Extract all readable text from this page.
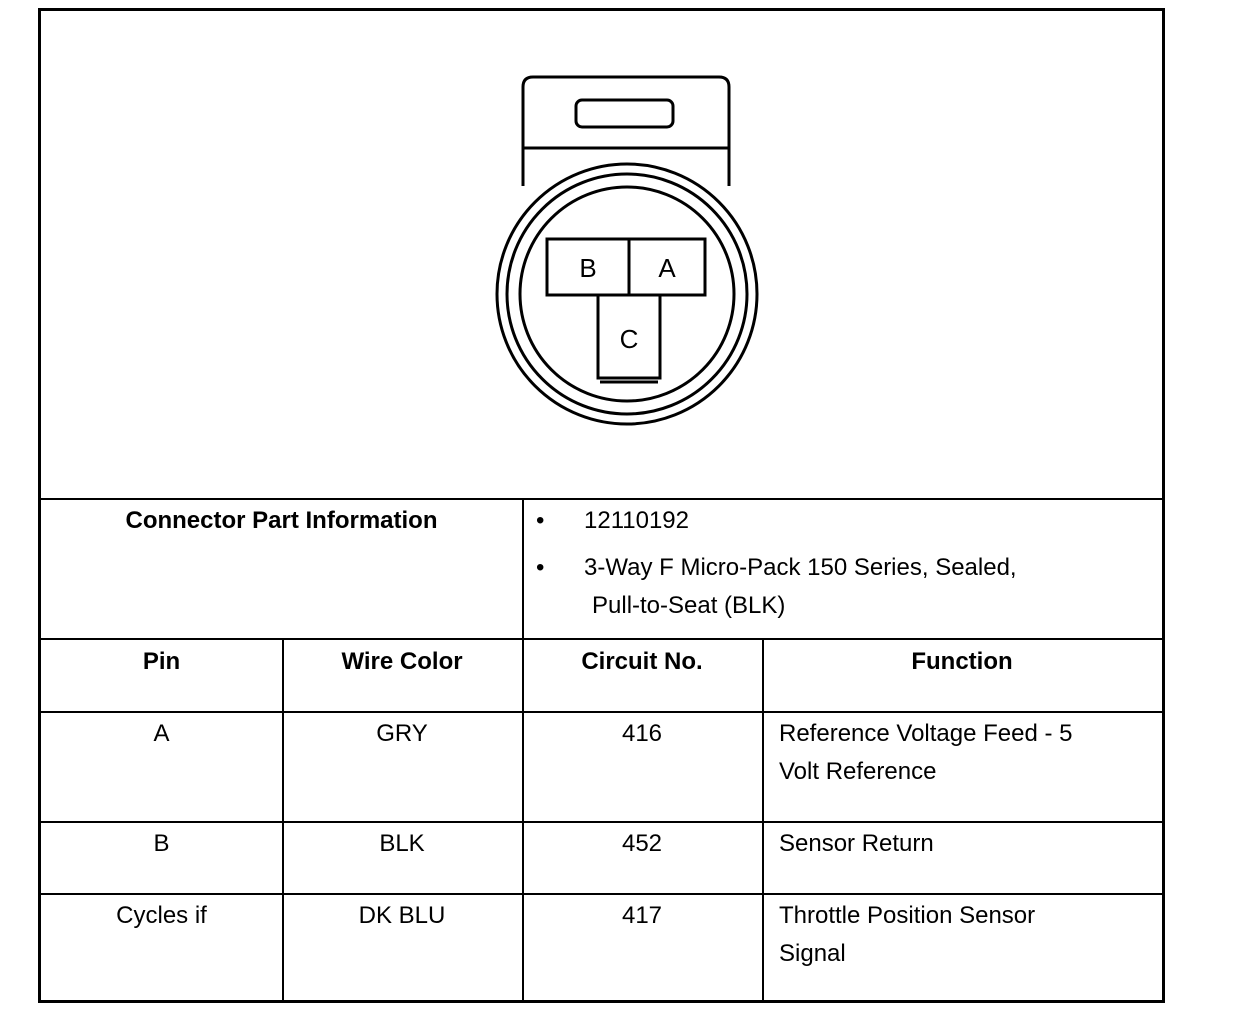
B A
C
Connector Part Information	• 12110192
• 3-Way F Micro-Pack 150 Series, Sealed,
Pull-to-Seat (BLK)
Pin	Wire Color	Circuit No.	Function
A	GRY	416	Reference Voltage Feed - 5
Volt Reference
B	BLK	452	Sensor Return
Cycles if	DK BLU	417	Throttle Position Sensor
Signal
